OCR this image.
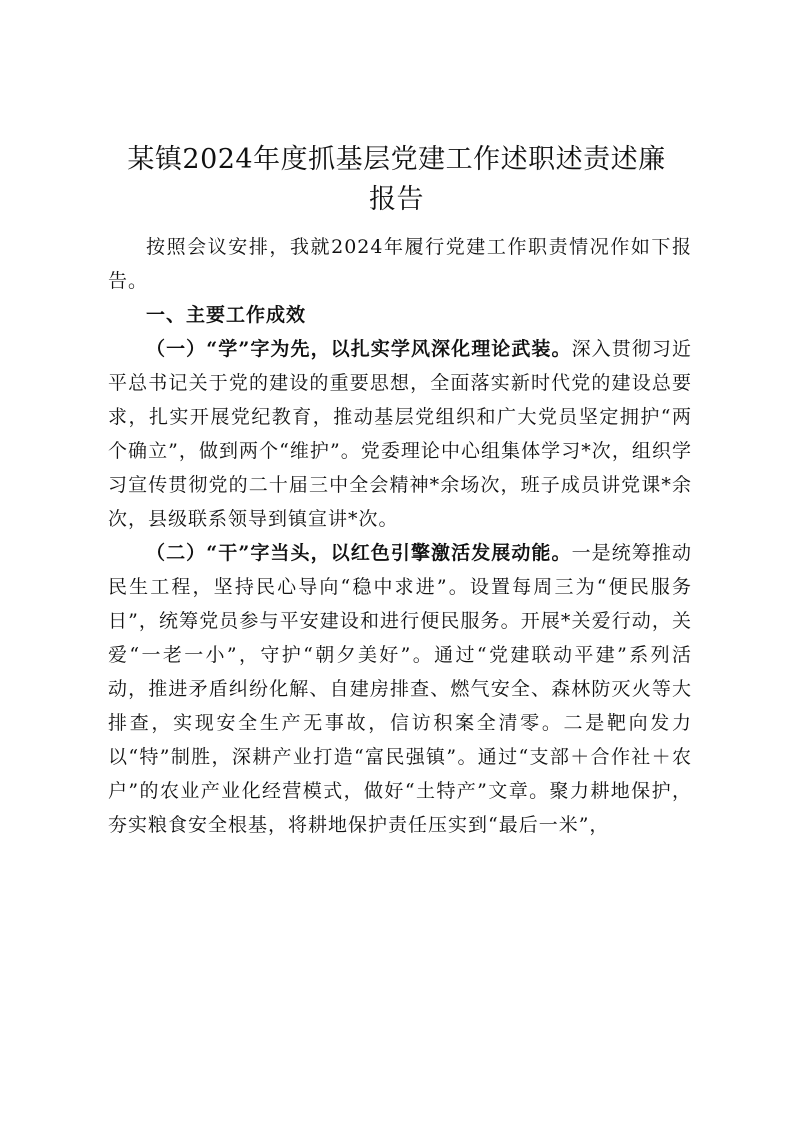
某镇2024年度抓基层党建工作述职述责述廉
报告

按照会议安排，我就2024年履行党建工作职责情况作如下报告。

一、主要工作成效

（一）“学”字为先，以扎实学风深化理论武装。深入贯彻习近平总书记关于党的建设的重要思想，全面落实新时代党的建设总要求，扎实开展党纪教育，推动基层党组织和广大党员坚定拥护“两个确立”，做到两个“维护”。党委理论中心组集体学习*次，组织学习宣传贯彻党的二十届三中全会精神*余场次，班子成员讲党课*余次，县级联系领导到镇宣讲*次。

（二）“干”字当头，以红色引擎激活发展动能。一是统筹推动民生工程，坚持民心导向“稳中求进”。设置每周三为“便民服务日”，统筹党员参与平安建设和进行便民服务。开展*关爱行动，关爱“一老一小”，守护“朝夕美好”。通过“党建联动平建”系列活动，推进矛盾纠纷化解、自建房排查、燃气安全、森林防灭火等大排查，实现安全生产无事故，信访积案全清零。二是靶向发力以“特”制胜，深耕产业打造“富民强镇”。通过“支部＋合作社＋农户”的农业产业化经营模式，做好“土特产”文章。聚力耕地保护，夯实粮食安全根基，将耕地保护责任压实到“最后一米”，
